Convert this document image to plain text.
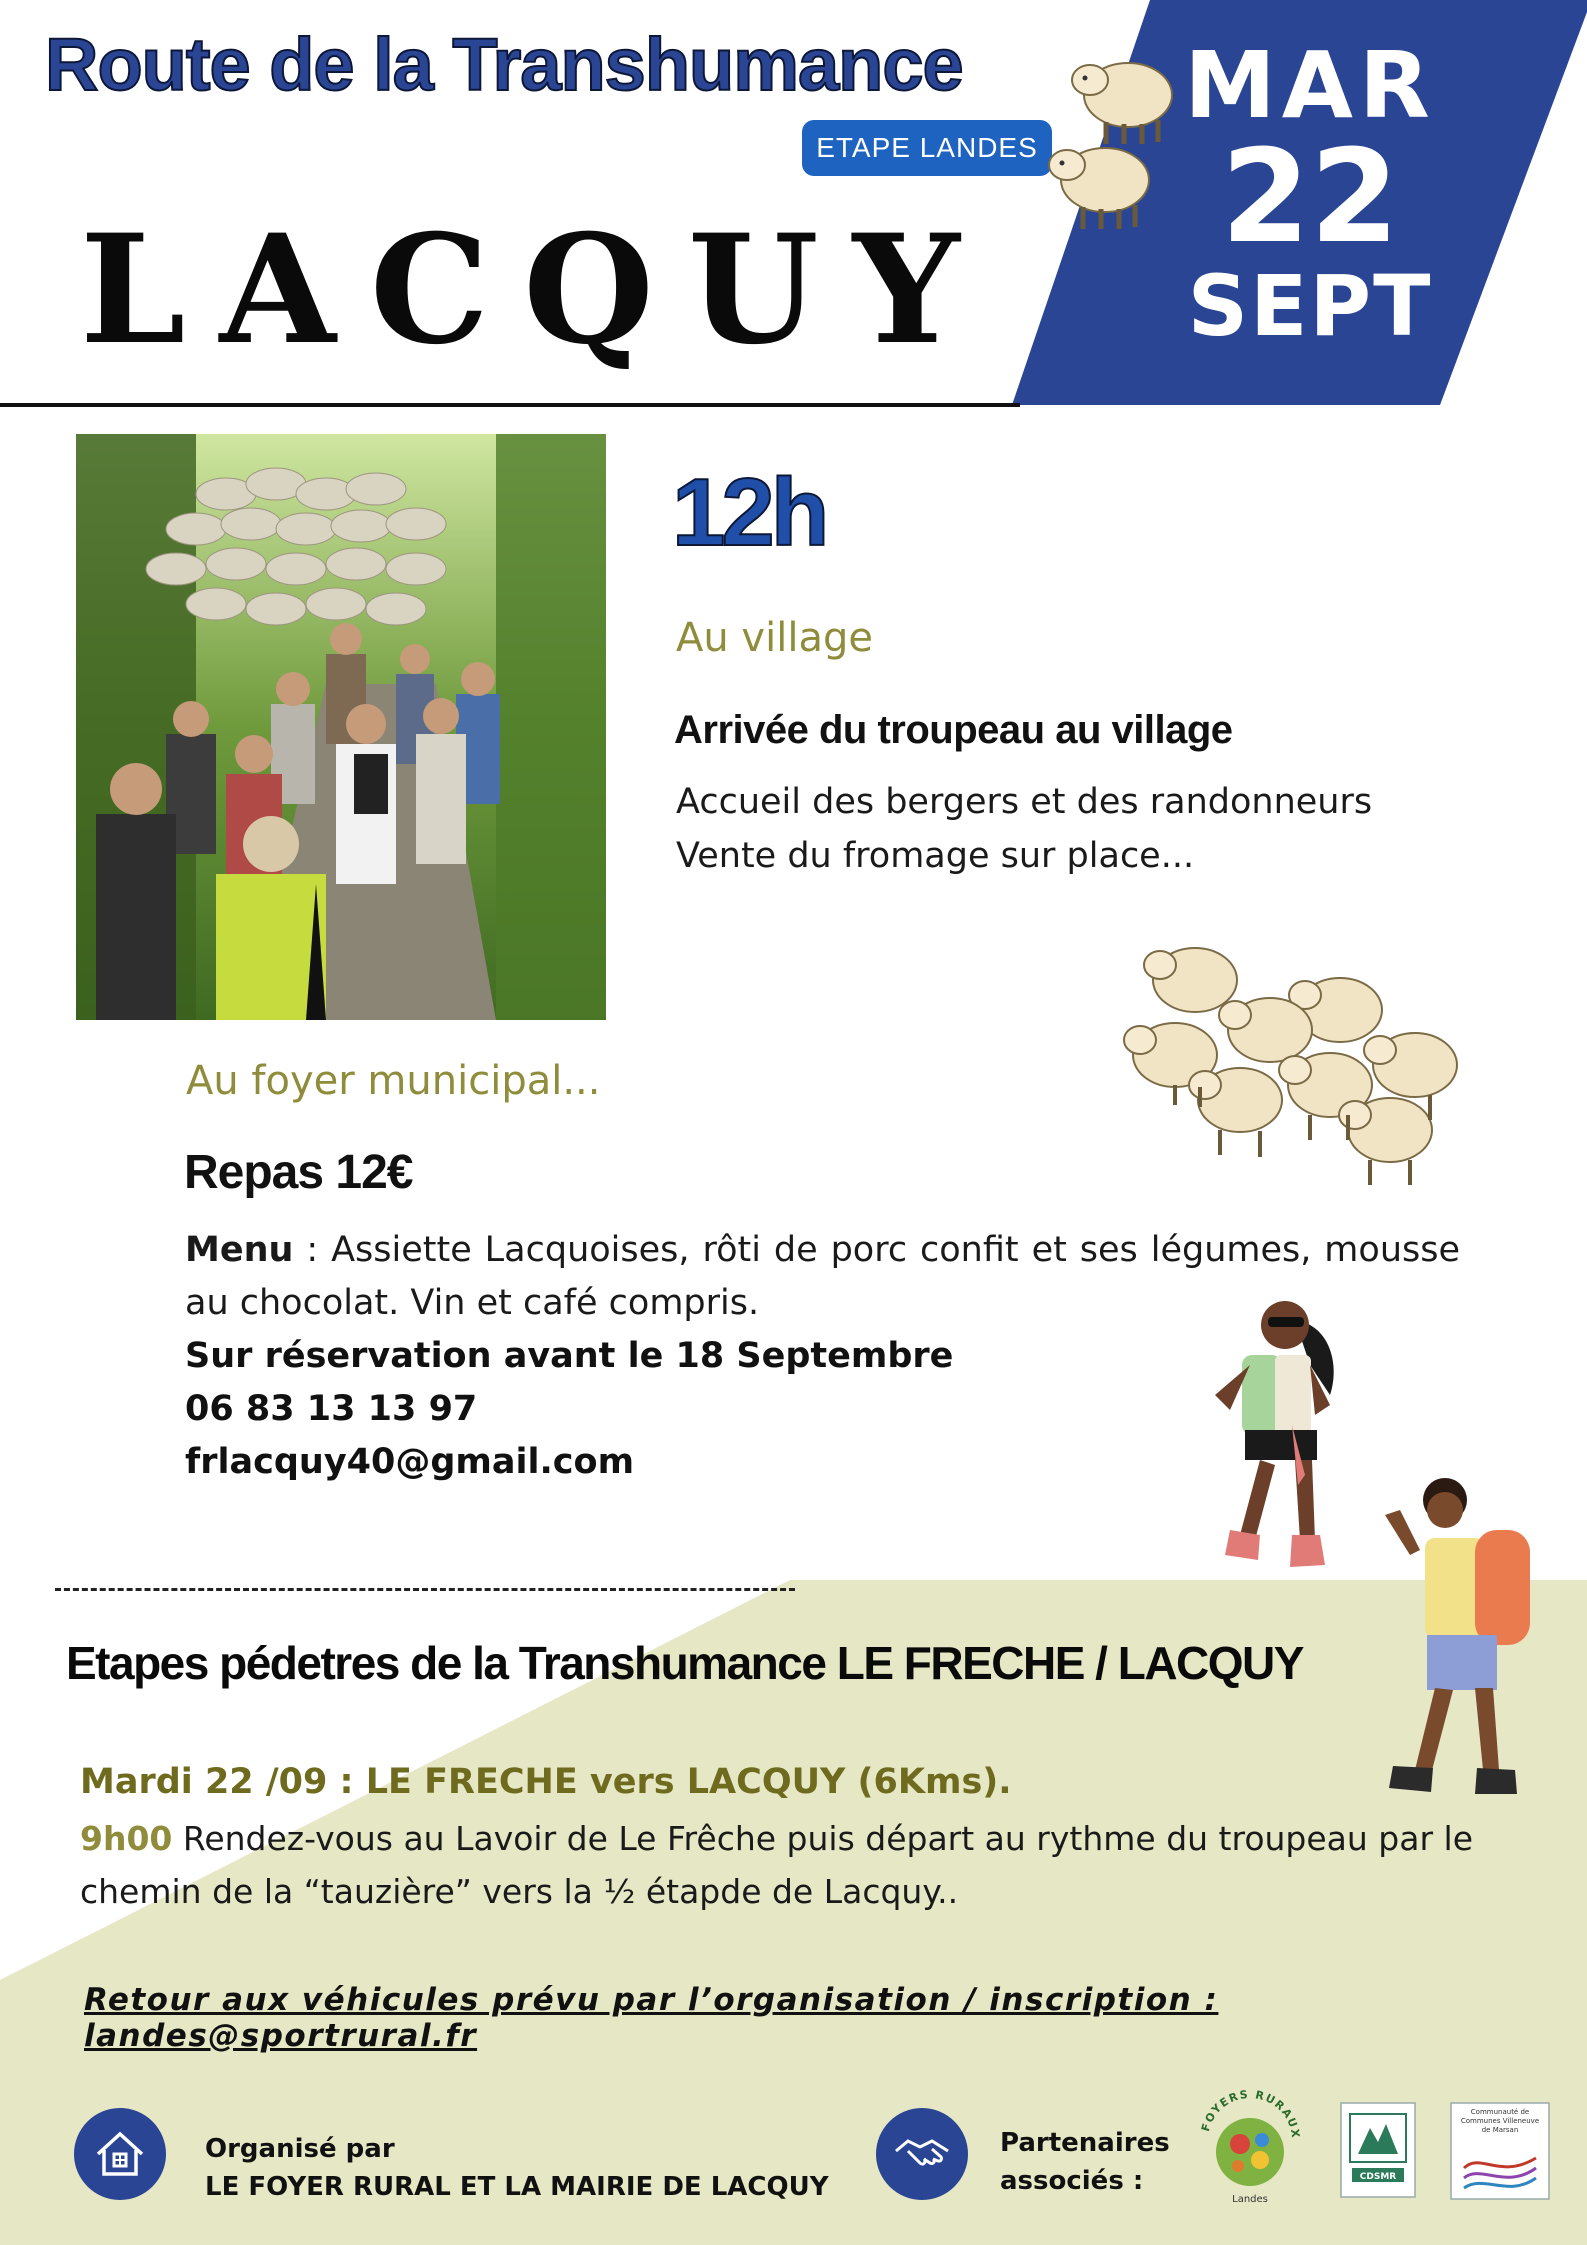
Route de la Transhumance
ETAPE LANDES
LACQUY
MAR
22
SEPT
12h
Au village
Arrivée du troupeau au village
Accueil des bergers et des randonneurs
Vente du fromage sur place...
Au foyer municipal...
Repas 12€
Menu : Assiette Lacquoises, rôti de porc confit et ses légumes, mousse au chocolat. Vin et café compris.
Sur réservation avant le 18 Septembre
06 83 13 13 97
frlacquy40@gmail.com
Etapes pédetres de la Transhumance LE FRECHE / LACQUY
Mardi 22 /09 : LE FRECHE vers LACQUY (6Kms).
9h00 Rendez-vous au Lavoir de Le Frêche puis départ au rythme du troupeau par le chemin de la “tauzière” vers la ½ étapde de Lacquy..
Retour aux véhicules prévu par l’organisation / inscription : landes@sportrural.fr
Organisé par
LE FOYER RURAL ET LA MAIRIE DE LACQUY
Partenaires
associés :
FOYERS RURAUX
Landes
CDSMR
Communauté de Communes Villeneuve de Marsan
